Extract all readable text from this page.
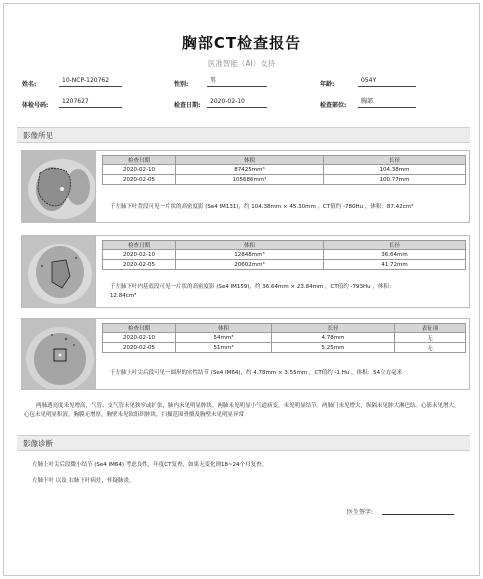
胸部CT检查报告
医准智能（AI）支持
姓名:
10-NCP-120762
性别:
男
年龄:
054Y
体检号码:
1207627
检查日期:
2020-02-10
检查部位:
胸部
影像所见
检查日期	体积	长径
2020-02-10	87425mm³	104.38mm
2020-02-05	105686mm³	100.77mm
于左肺下叶背段可见一片状的高密度影 (Se4 IM131)，约 104.38mm × 45.30mm ，CT值约 -780Hu ，体积：87.42cm³
检查日期	体积	长径
2020-02-10	12848mm³	36.64mm
2020-02-05	20602mm³	41.72mm
于左肺下叶内基底段可见一片状的高密度影 (Se4 IM159)，约 36.64mm × 23.84mm ，CT值约 -793Hu ，体积：12.84cm³
检查日期	体积	长径	表征项
2020-02-10	54mm³	4.78mm	无
2020-02-05	51mm³	5.25mm	无
于左肺上叶尖后段可见一圆形的实性结节 (Se4 IM64)，约 4.78mm × 3.55mm ，CT值约 -1 Hu ，体积：54立方毫米
两肺透亮度未见增高，气管、支气管未见狭窄或扩张，肺内未见明显肿块。两肺未见明显小气道病变，未见明显结节。两肺门未见增大，纵隔未见肿大淋巴结。心影未见增大，心包未见明显积液。胸膜无增厚，胸壁未见软组织肿块，扫描范围骨骼及胸壁未见明显异常
影像诊断
左肺上叶尖后段微小结节 (Se4 IM64) 考虑良性，年度CT复查，如果无变化则18~24个月复查。
左肺下叶 以及 右肺下叶病灶，怀疑肺炎。
医生签字:
